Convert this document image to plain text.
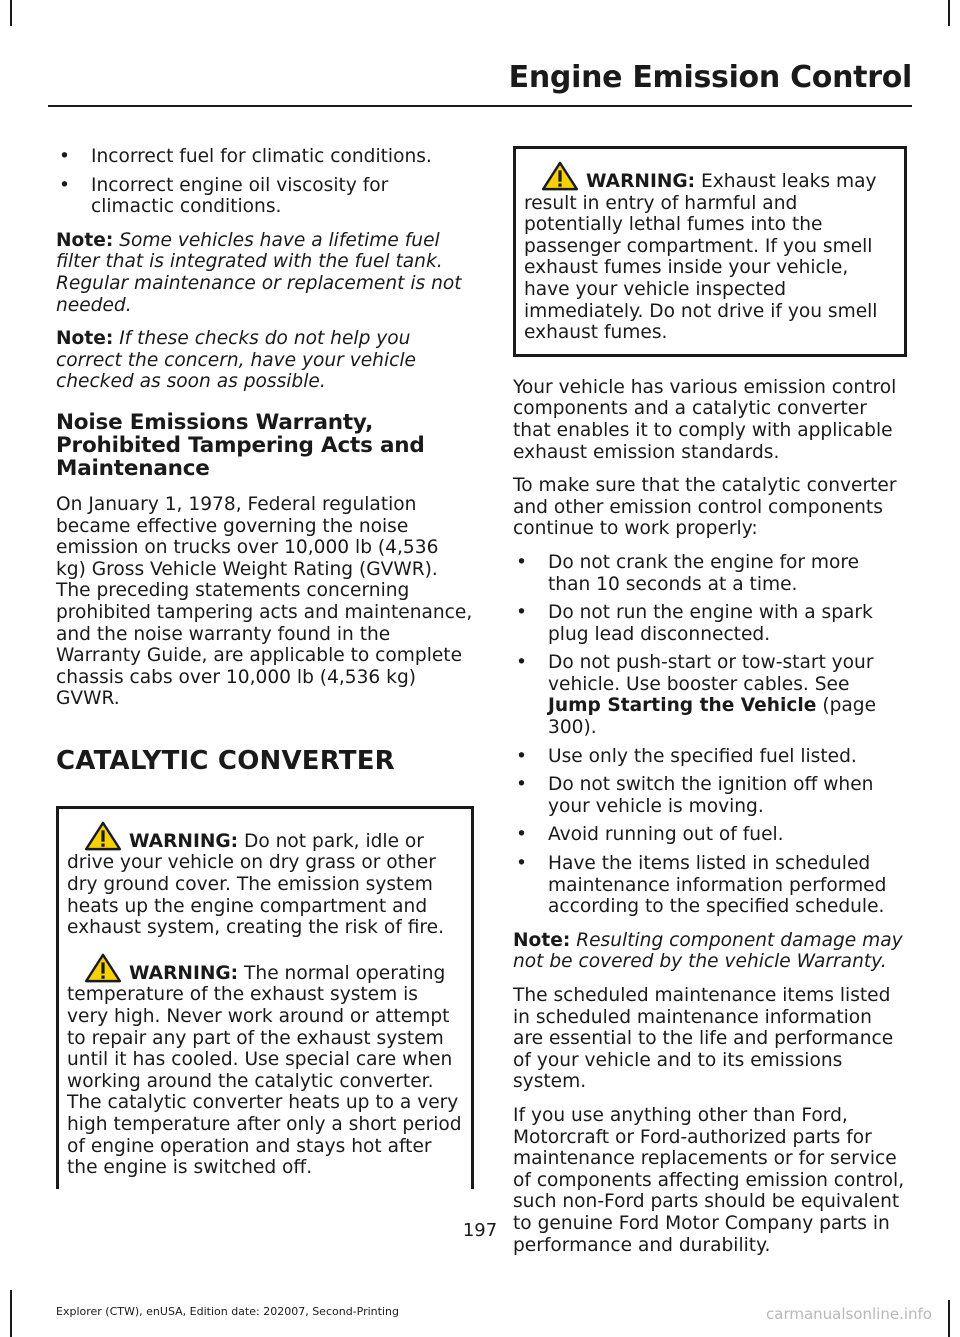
Engine Emission Control
• Incorrect fuel for climatic conditions.
• Incorrect engine oil viscosity for climactic conditions.

Note: Some vehicles have a lifetime fuel filter that is integrated with the fuel tank. Regular maintenance or replacement is not needed.

Note: If these checks do not help you correct the concern, have your vehicle checked as soon as possible.

Noise Emissions Warranty, Prohibited Tampering Acts and Maintenance

On January 1, 1978, Federal regulation became effective governing the noise emission on trucks over 10,000 lb (4,536 kg) Gross Vehicle Weight Rating (GVWR). The preceding statements concerning prohibited tampering acts and maintenance, and the noise warranty found in the Warranty Guide, are applicable to complete chassis cabs over 10,000 lb (4,536 kg) GVWR.

CATALYTIC CONVERTER

WARNING: Do not park, idle or drive your vehicle on dry grass or other dry ground cover. The emission system heats up the engine compartment and exhaust system, creating the risk of fire.

WARNING: The normal operating temperature of the exhaust system is very high. Never work around or attempt to repair any part of the exhaust system until it has cooled. Use special care when working around the catalytic converter. The catalytic converter heats up to a very high temperature after only a short period of engine operation and stays hot after the engine is switched off.

WARNING: Exhaust leaks may result in entry of harmful and potentially lethal fumes into the passenger compartment. If you smell exhaust fumes inside your vehicle, have your vehicle inspected immediately. Do not drive if you smell exhaust fumes.

Your vehicle has various emission control components and a catalytic converter that enables it to comply with applicable exhaust emission standards.

To make sure that the catalytic converter and other emission control components continue to work properly:

• Do not crank the engine for more than 10 seconds at a time.
• Do not run the engine with a spark plug lead disconnected.
• Do not push-start or tow-start your vehicle. Use booster cables. See Jump Starting the Vehicle (page 300).
• Use only the specified fuel listed.
• Do not switch the ignition off when your vehicle is moving.
• Avoid running out of fuel.
• Have the items listed in scheduled maintenance information performed according to the specified schedule.

Note: Resulting component damage may not be covered by the vehicle Warranty.

The scheduled maintenance items listed in scheduled maintenance information are essential to the life and performance of your vehicle and to its emissions system.

If you use anything other than Ford, Motorcraft or Ford-authorized parts for maintenance replacements or for service of components affecting emission control, such non-Ford parts should be equivalent to genuine Ford Motor Company parts in performance and durability.

197
Explorer (CTW), enUSA, Edition date: 202007, Second-Printing	carmanualsonline.info
